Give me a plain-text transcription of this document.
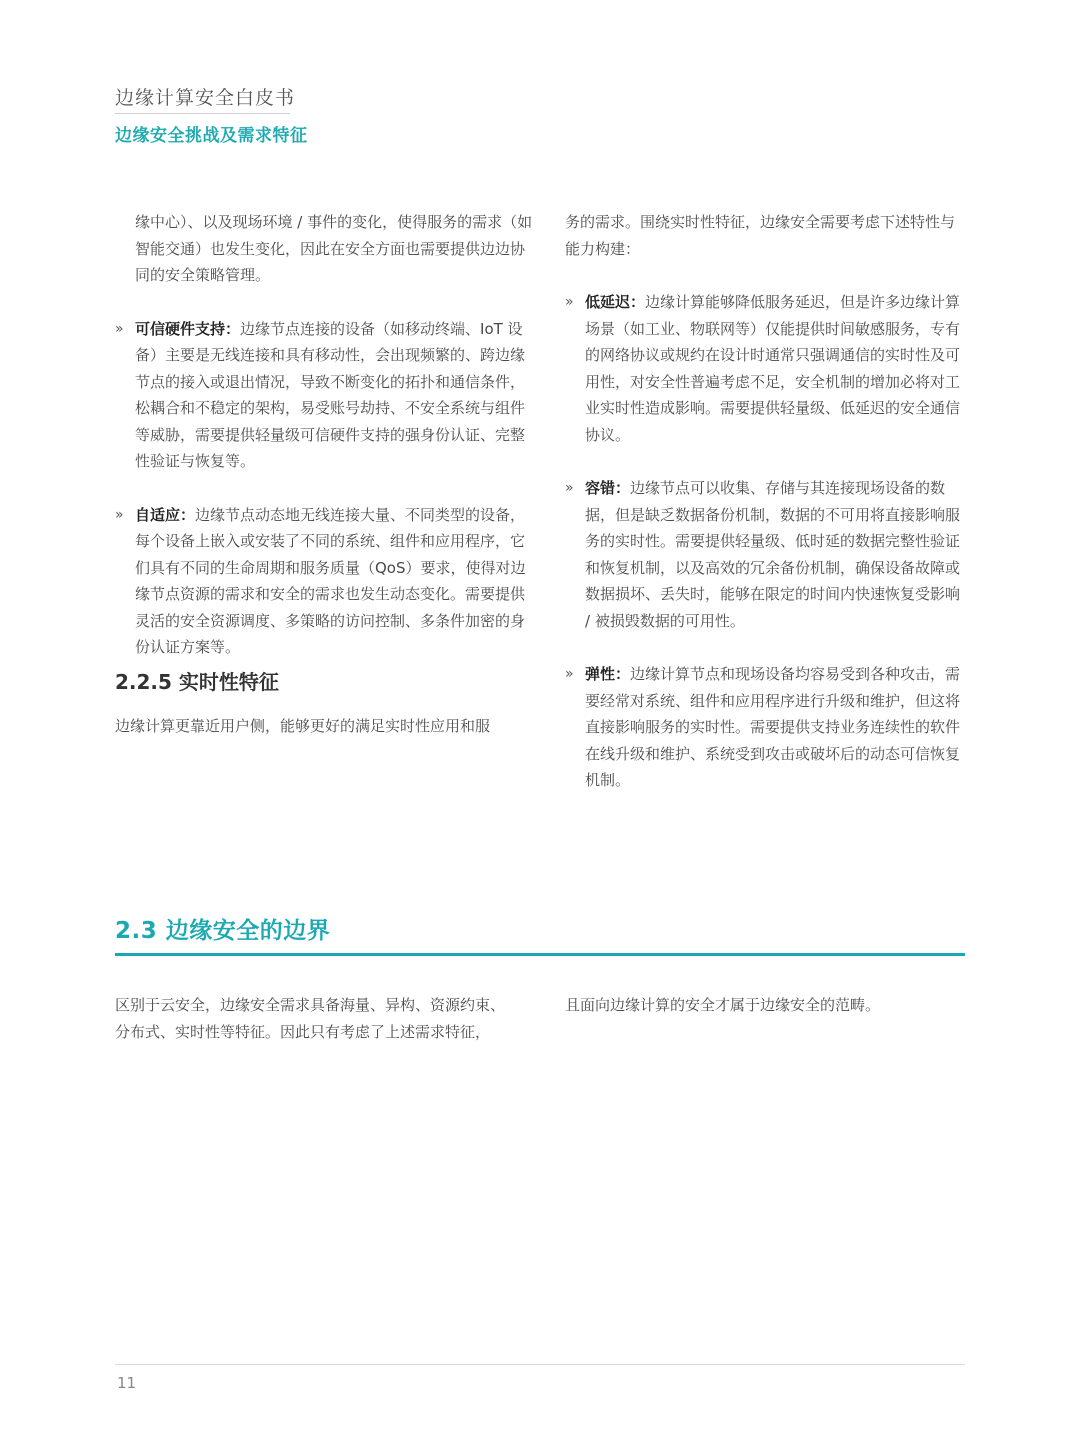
边缘计算安全白皮书
边缘安全挑战及需求特征

缘中心）、以及现场环境 / 事件的变化，使得服务的需求（如智能交通）也发生变化，因此在安全方面也需要提供边边协同的安全策略管理。

» 可信硬件支持：边缘节点连接的设备（如移动终端、IoT 设备）主要是无线连接和具有移动性，会出现频繁的、跨边缘节点的接入或退出情况，导致不断变化的拓扑和通信条件，松耦合和不稳定的架构，易受账号劫持、不安全系统与组件等威胁，需要提供轻量级可信硬件支持的强身份认证、完整性验证与恢复等。

» 自适应：边缘节点动态地无线连接大量、不同类型的设备，每个设备上嵌入或安装了不同的系统、组件和应用程序，它们具有不同的生命周期和服务质量（QoS）要求，使得对边缘节点资源的需求和安全的需求也发生动态变化。需要提供灵活的安全资源调度、多策略的访问控制、多条件加密的身份认证方案等。

2.2.5 实时性特征

边缘计算更靠近用户侧，能够更好的满足实时性应用和服

务的需求。围绕实时性特征，边缘安全需要考虑下述特性与能力构建：

» 低延迟：边缘计算能够降低服务延迟，但是许多边缘计算场景（如工业、物联网等）仅能提供时间敏感服务，专有的网络协议或规约在设计时通常只强调通信的实时性及可用性，对安全性普遍考虑不足，安全机制的增加必将对工业实时性造成影响。需要提供轻量级、低延迟的安全通信协议。

» 容错：边缘节点可以收集、存储与其连接现场设备的数据，但是缺乏数据备份机制，数据的不可用将直接影响服务的实时性。需要提供轻量级、低时延的数据完整性验证和恢复机制，以及高效的冗余备份机制，确保设备故障或数据损坏、丢失时，能够在限定的时间内快速恢复受影响 / 被损毁数据的可用性。

» 弹性：边缘计算节点和现场设备均容易受到各种攻击，需要经常对系统、组件和应用程序进行升级和维护，但这将直接影响服务的实时性。需要提供支持业务连续性的软件在线升级和维护、系统受到攻击或破坏后的动态可信恢复机制。

2.3 边缘安全的边界

区别于云安全，边缘安全需求具备海量、异构、资源约束、分布式、实时性等特征。因此只有考虑了上述需求特征，

且面向边缘计算的安全才属于边缘安全的范畴。

11
